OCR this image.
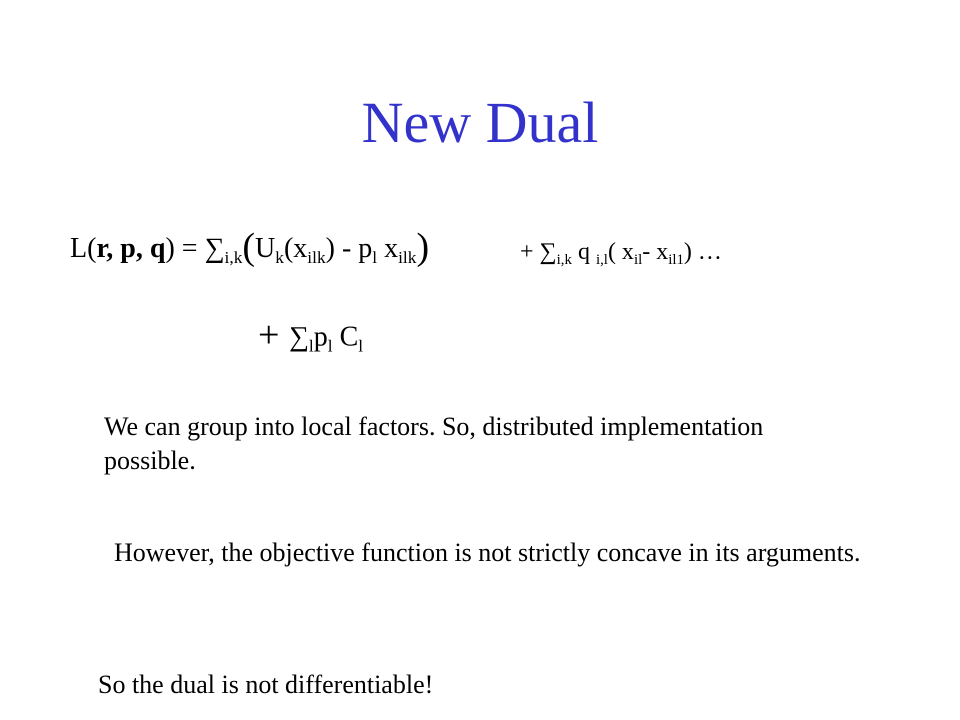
New Dual
L(r, p, $q) = \sum_{i,k}(U_k(x_{ilk}) - p_l$ $x_{ilk}$)	+ $\sum_{i,k}$ q $_{i,l}$( $x_{il}-$ $x_{il1}$) …
+ $\sum_lp_l$ $C_l$
We can group into local factors. So, distributed implementation possible.
However, the objective function is not strictly concave in its arguments.
So the dual is not differentiable!
